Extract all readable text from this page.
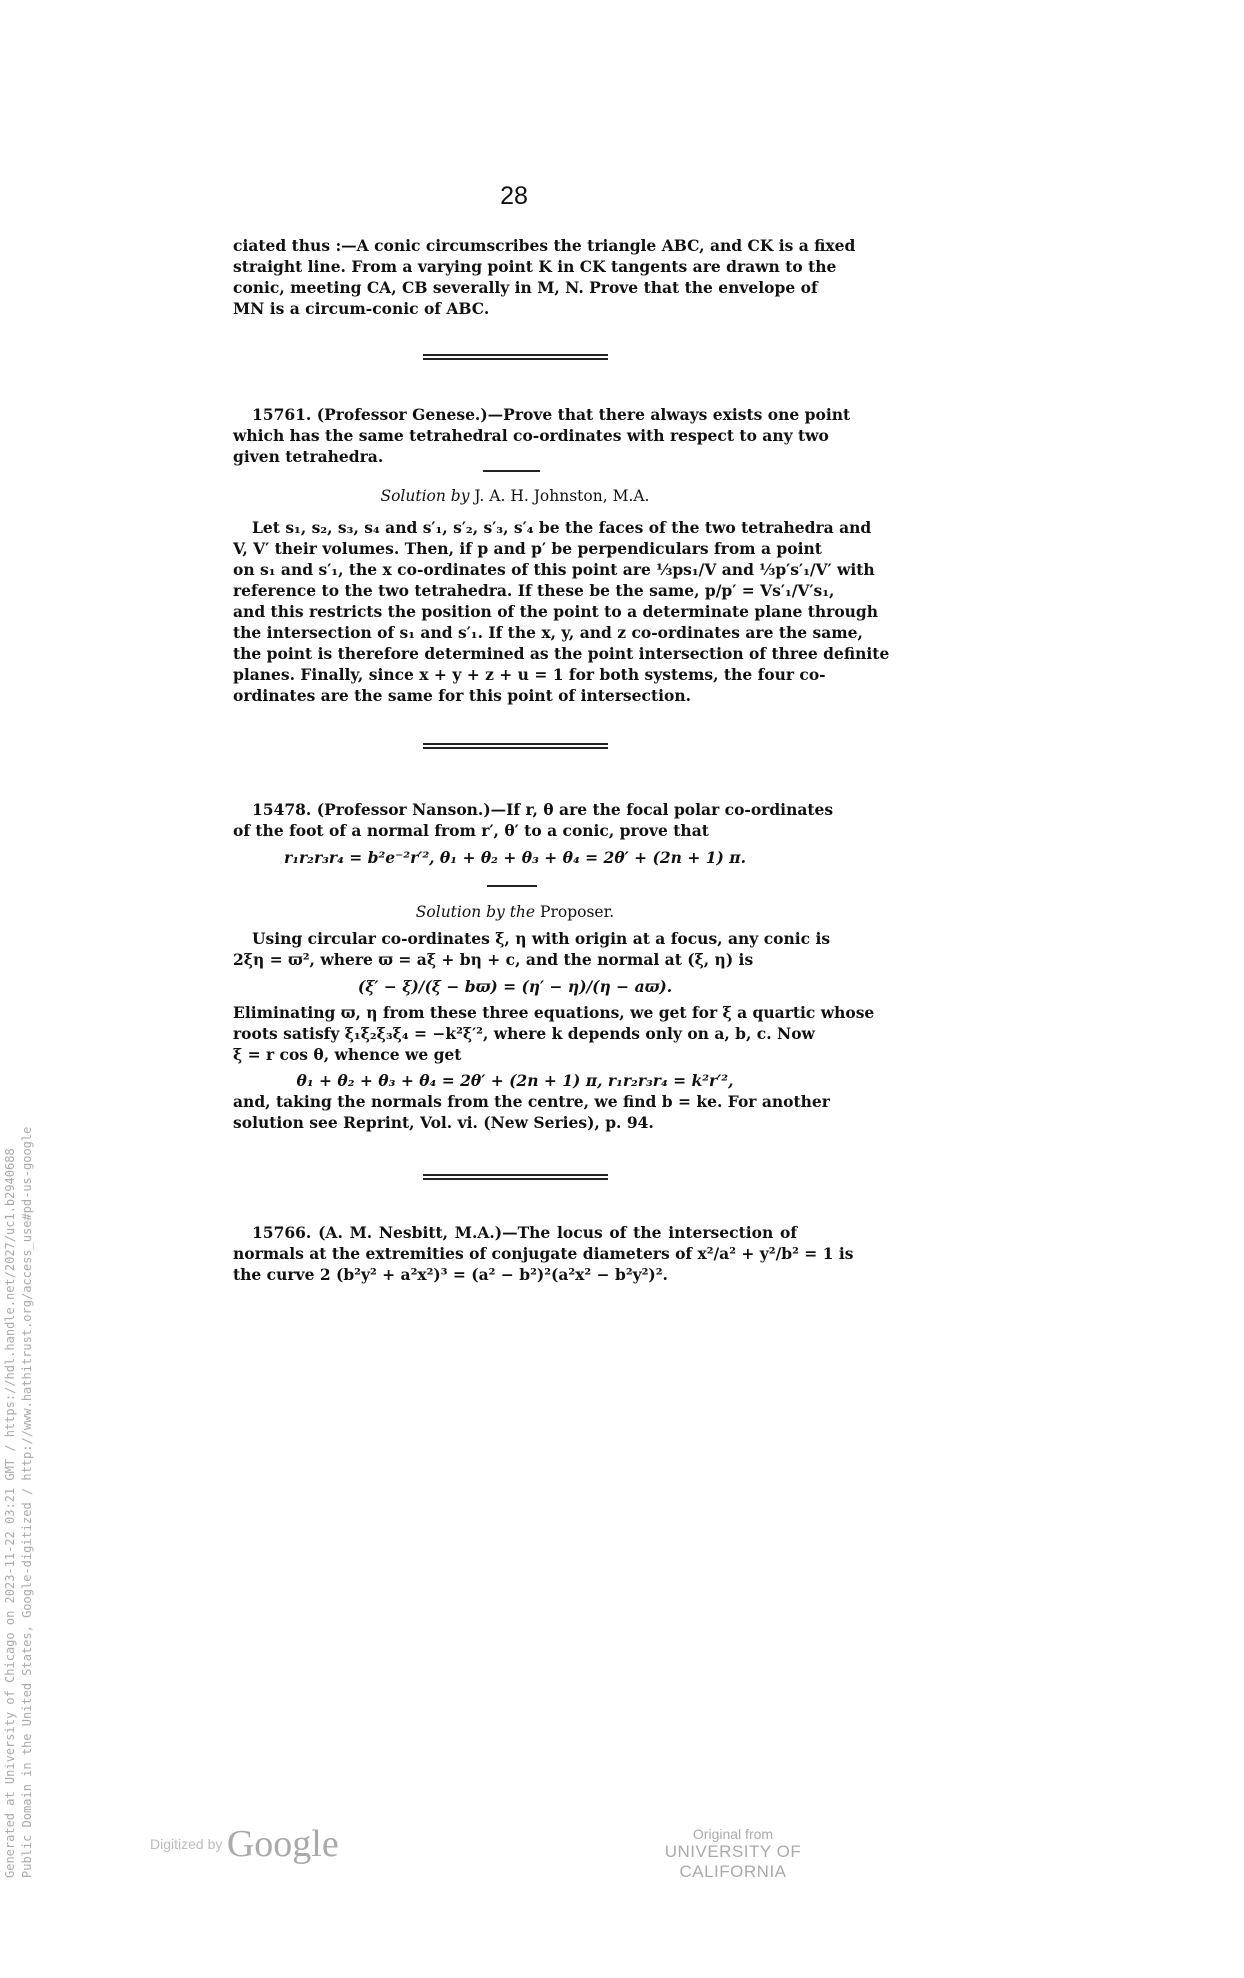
28
ciated thus :—A conic circumscribes the triangle ABC, and CK is a fixed
straight line. From a varying point K in CK tangents are drawn to the
conic, meeting CA, CB severally in M, N. Prove that the envelope of
MN is a circum-conic of ABC.
15761. (Professor Genese.)—Prove that there always exists one point
which has the same tetrahedral co-ordinates with respect to any two
given tetrahedra.
Solution by J. A. H. Johnston, M.A.
Let s₁, s₂, s₃, s₄ and s′₁, s′₂, s′₃, s′₄ be the faces of the two tetrahedra and
V, V′ their volumes. Then, if p and p′ be perpendiculars from a point
on s₁ and s′₁, the x co-ordinates of this point are ⅓ps₁/V and ⅓p′s′₁/V′ with
reference to the two tetrahedra. If these be the same, p/p′ = Vs′₁/V′s₁,
and this restricts the position of the point to a determinate plane through
the intersection of s₁ and s′₁. If the x, y, and z co-ordinates are the same,
the point is therefore determined as the point intersection of three definite
planes. Finally, since x + y + z + u = 1 for both systems, the four co-
ordinates are the same for this point of intersection.
15478. (Professor Nanson.)—If r, θ are the focal polar co-ordinates
of the foot of a normal from r′, θ′ to a conic, prove that
r₁r₂r₃r₄ = b²e⁻²r′², θ₁ + θ₂ + θ₃ + θ₄ = 2θ′ + (2n + 1) π.
Solution by the Proposer.
Using circular co-ordinates ξ, η with origin at a focus, any conic is
2ξη = ϖ², where ϖ = aξ + bη + c, and the normal at (ξ, η) is
(ξ′ − ξ)/(ξ − bϖ) = (η′ − η)/(η − aϖ).
Eliminating ϖ, η from these three equations, we get for ξ a quartic whose
roots satisfy ξ₁ξ₂ξ₃ξ₄ = −k²ξ′², where k depends only on a, b, c. Now
ξ = r cos θ, whence we get
θ₁ + θ₂ + θ₃ + θ₄ = 2θ′ + (2n + 1) π, r₁r₂r₃r₄ = k²r′²,
and, taking the normals from the centre, we find b = ke. For another
solution see Reprint, Vol. vi. (New Series), p. 94.
15766. (A. M. Nesbitt, M.A.)—The locus of the intersection of
normals at the extremities of conjugate diameters of x²/a² + y²/b² = 1 is
the curve 2 (b²y² + a²x²)³ = (a² − b²)²(a²x² − b²y²)².
Generated at University of Chicago on 2023-11-22 03:21 GMT / https://hdl.handle.net/2027/uc1.b2940688 Public Domain in the United States, Google-digitized / http://www.hathitrust.org/access_use#pd-us-google	Digitized by Google	Original from
UNIVERSITY OF CALIFORNIA
